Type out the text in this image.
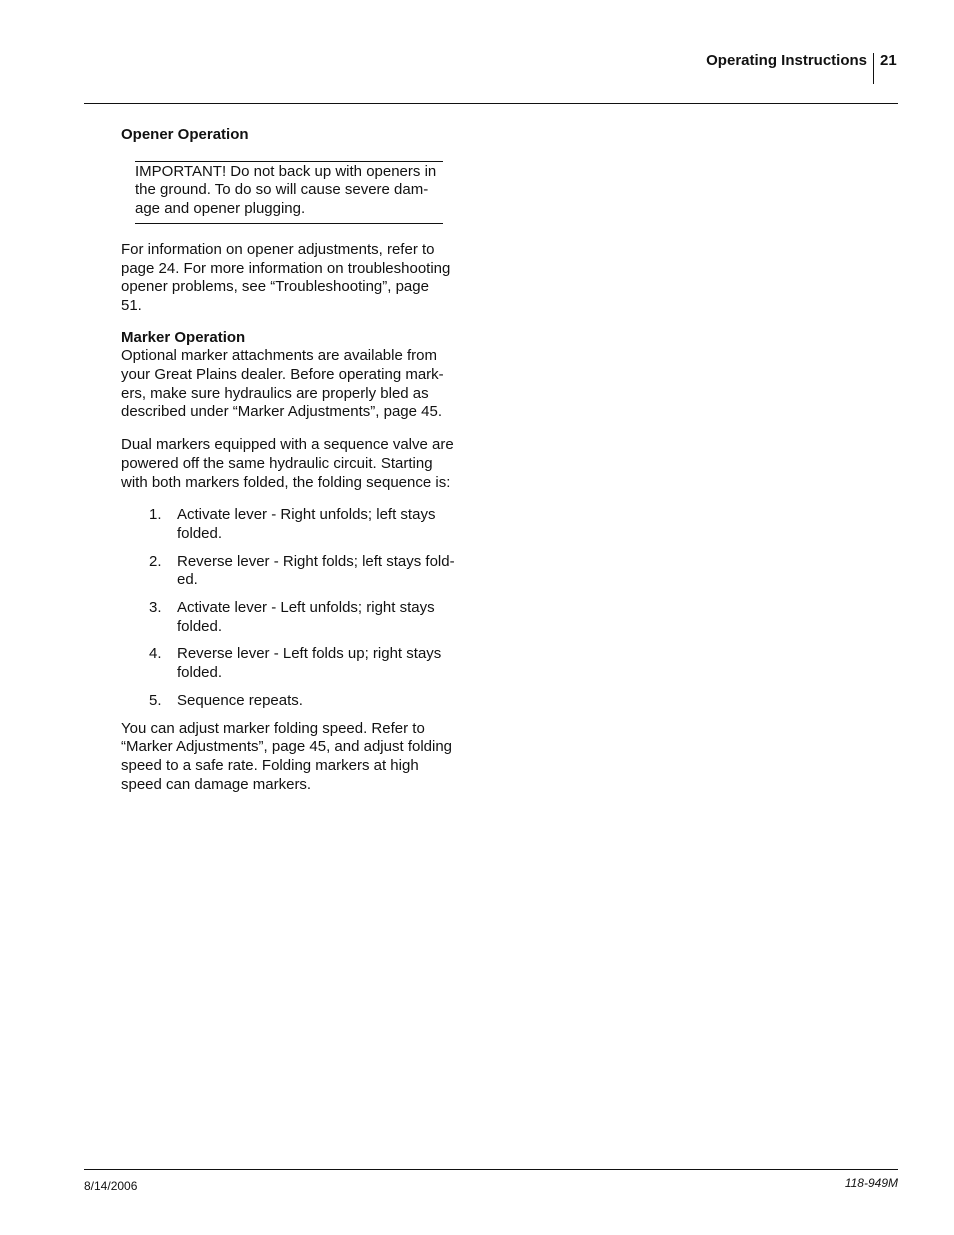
Operating Instructions 21

Opener Operation

IMPORTANT! Do not back up with openers in
the ground. To do so will cause severe dam-
age and opener plugging.

For information on opener adjustments, refer to
page 24. For more information on troubleshooting
opener problems, see “Troubleshooting”, page
51.

Marker Operation

Optional marker attachments are available from
your Great Plains dealer. Before operating mark-
ers, make sure hydraulics are properly bled as
described under “Marker Adjustments”, page 45.

Dual markers equipped with a sequence valve are
powered off the same hydraulic circuit. Starting
with both markers folded, the folding sequence is:

1. Activate lever - Right unfolds; left stays
folded.
2. Reverse lever - Right folds; left stays fold-
ed.
3. Activate lever - Left unfolds; right stays
folded.
4. Reverse lever - Left folds up; right stays
folded.
5. Sequence repeats.

You can adjust marker folding speed. Refer to
“Marker Adjustments”, page 45, and adjust folding
speed to a safe rate. Folding markers at high
speed can damage markers.

8/14/2006	118-949M
